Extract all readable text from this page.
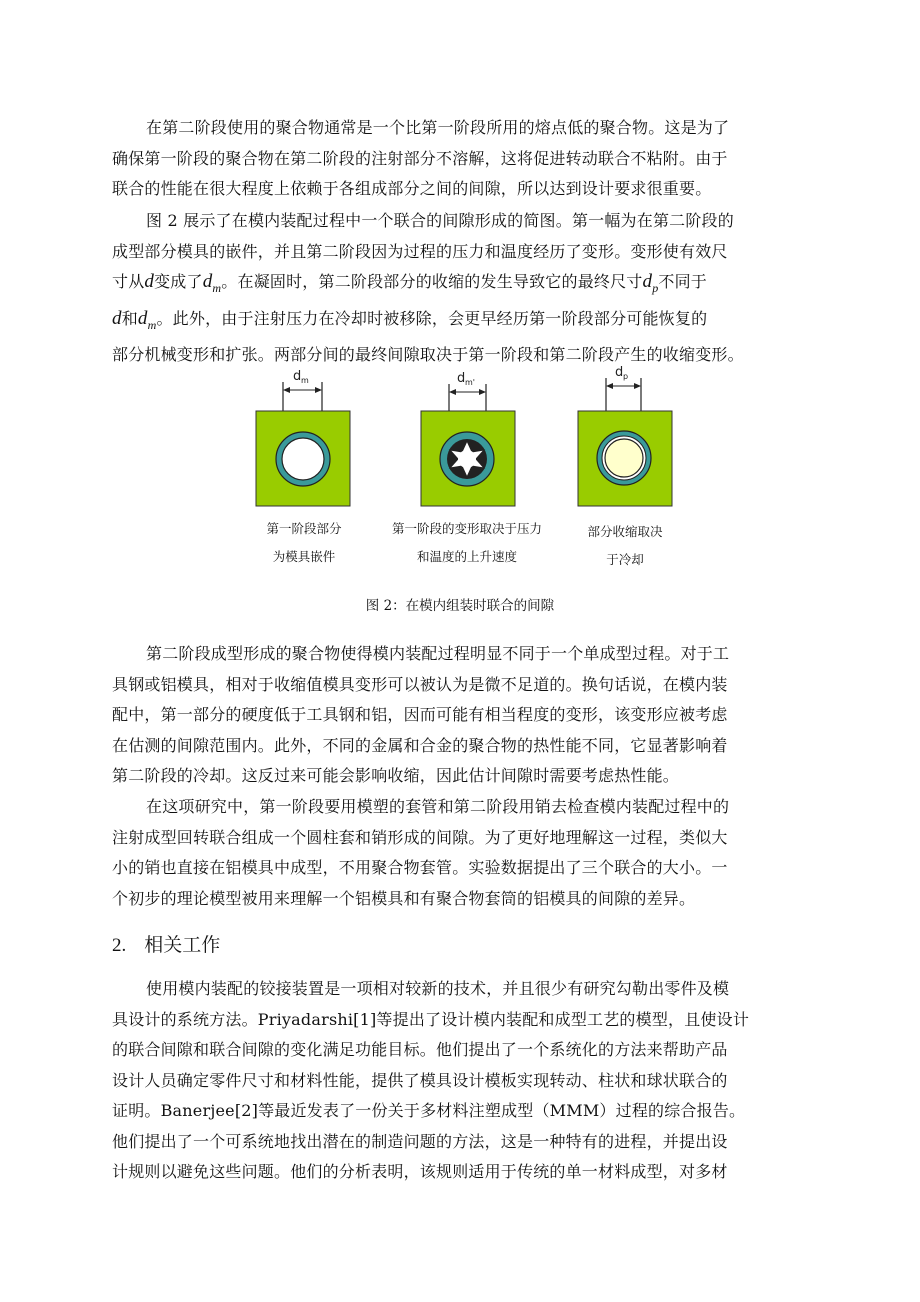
在第二阶段使用的聚合物通常是一个比第一阶段所用的熔点低的聚合物。这是为了
确保第一阶段的聚合物在第二阶段的注射部分不溶解，这将促进转动联合不粘附。由于
联合的性能在很大程度上依赖于各组成部分之间的间隙，所以达到设计要求很重要。
图 2 展示了在模内装配过程中一个联合的间隙形成的简图。第一幅为在第二阶段的
成型部分模具的嵌件，并且第二阶段因为过程的压力和温度经历了变形。变形使有效尺
寸从d变成了$d_m$。在凝固时，第二阶段部分的收缩的发生导致它的最终尺寸$d_p$不同于
d和$d_m$。此外，由于注射压力在冷却时被移除，会更早经历第一阶段部分可能恢复的
部分机械变形和扩张。两部分间的最终间隙取决于第一阶段和第二阶段产生的收缩变形。
d m	d m'
d p
第一阶段部分
为模具嵌件
第一阶段的变形取决于压力
和温度的上升速度
部分收缩取决
于冷却
图 2：在模内组装时联合的间隙
第二阶段成型形成的聚合物使得模内装配过程明显不同于一个单成型过程。对于工
具钢或铝模具，相对于收缩值模具变形可以被认为是微不足道的。换句话说，在模内装
配中，第一部分的硬度低于工具钢和铝，因而可能有相当程度的变形，该变形应被考虑
在估测的间隙范围内。此外，不同的金属和合金的聚合物的热性能不同，它显著影响着
第二阶段的冷却。这反过来可能会影响收缩，因此估计间隙时需要考虑热性能。
在这项研究中，第一阶段要用模塑的套管和第二阶段用销去检查模内装配过程中的
注射成型回转联合组成一个圆柱套和销形成的间隙。为了更好地理解这一过程，类似大
小的销也直接在铝模具中成型，不用聚合物套管。实验数据提出了三个联合的大小。一
个初步的理论模型被用来理解一个铝模具和有聚合物套筒的铝模具的间隙的差异。
2. 相关工作
使用模内装配的铰接装置是一项相对较新的技术，并且很少有研究勾勒出零件及模
具设计的系统方法。Priyadarshi[1]等提出了设计模内装配和成型工艺的模型，且使设计
的联合间隙和联合间隙的变化满足功能目标。他们提出了一个系统化的方法来帮助产品
设计人员确定零件尺寸和材料性能，提供了模具设计模板实现转动、柱状和球状联合的
证明。Banerjee[2]等最近发表了一份关于多材料注塑成型（MMM）过程的综合报告。
他们提出了一个可系统地找出潜在的制造问题的方法，这是一种特有的进程，并提出设
计规则以避免这些问题。他们的分析表明，该规则适用于传统的单一材料成型，对多材
